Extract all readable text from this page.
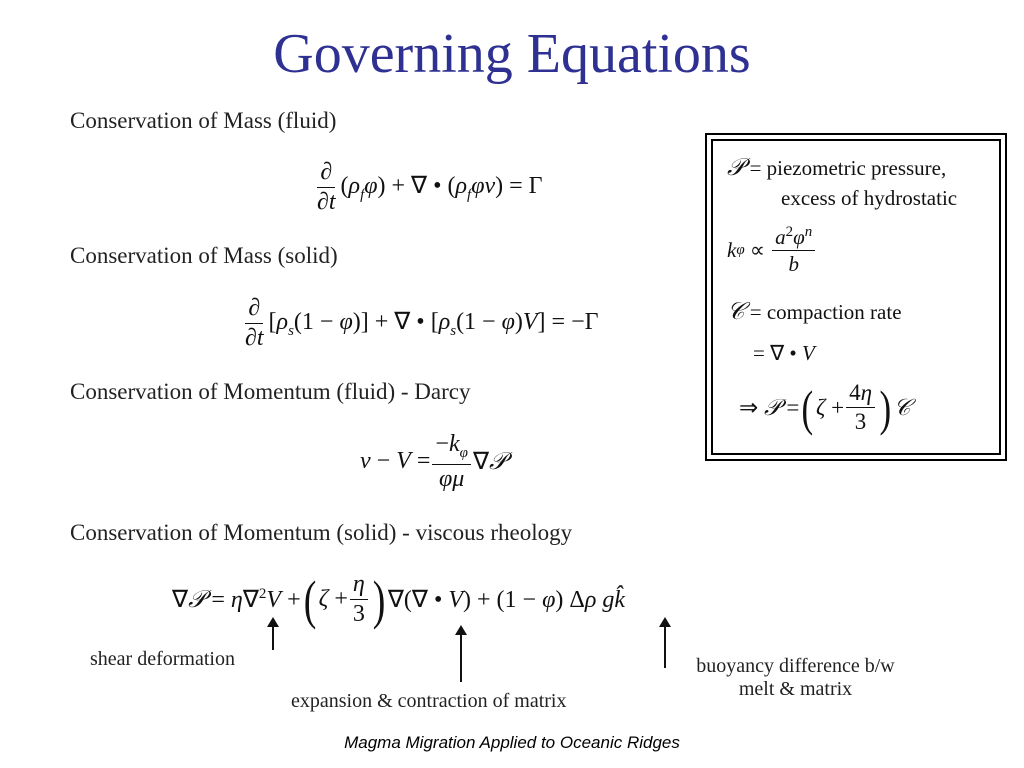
Governing Equations
Conservation of Mass (fluid)
$\frac{\partial}{\partial t} (\rho_f\varphi)$ + ∇ • $(\rho_f\varphi v) = \Gamma$
Conservation of Mass (solid)
$\frac{\partial}{\partial t} [\rho_s(1 - \varphi)]$ + ∇ • $[\rho_s(1 - \varphi)V] = -\Gamma$
Conservation of Momentum (fluid) - Darcy
$v - V = \frac{-k_\varphi}{\varphi\mu}$ ∇𝒫
Conservation of Momentum (solid) - viscous rheology
∇𝒫 = η∇$^2$V + ( $\zeta + \frac{\eta}{3}$ ) ∇(∇ • V) + (1 − φ) Δρ gk̂
shear deformation
expansion & contraction of matrix
buoyancy difference b/w
melt & matrix
𝒫
= piezometric pressure,
excess of hydrostatic
k $\varphi \propto \frac{a^2\varphi^n}{b}$
𝒞
= compaction rate
= ∇ • V
⇒ 𝒫 = ( $\zeta + \frac{4\eta}{3}$ ) 𝒞
Magma Migration Applied to Oceanic Ridges
